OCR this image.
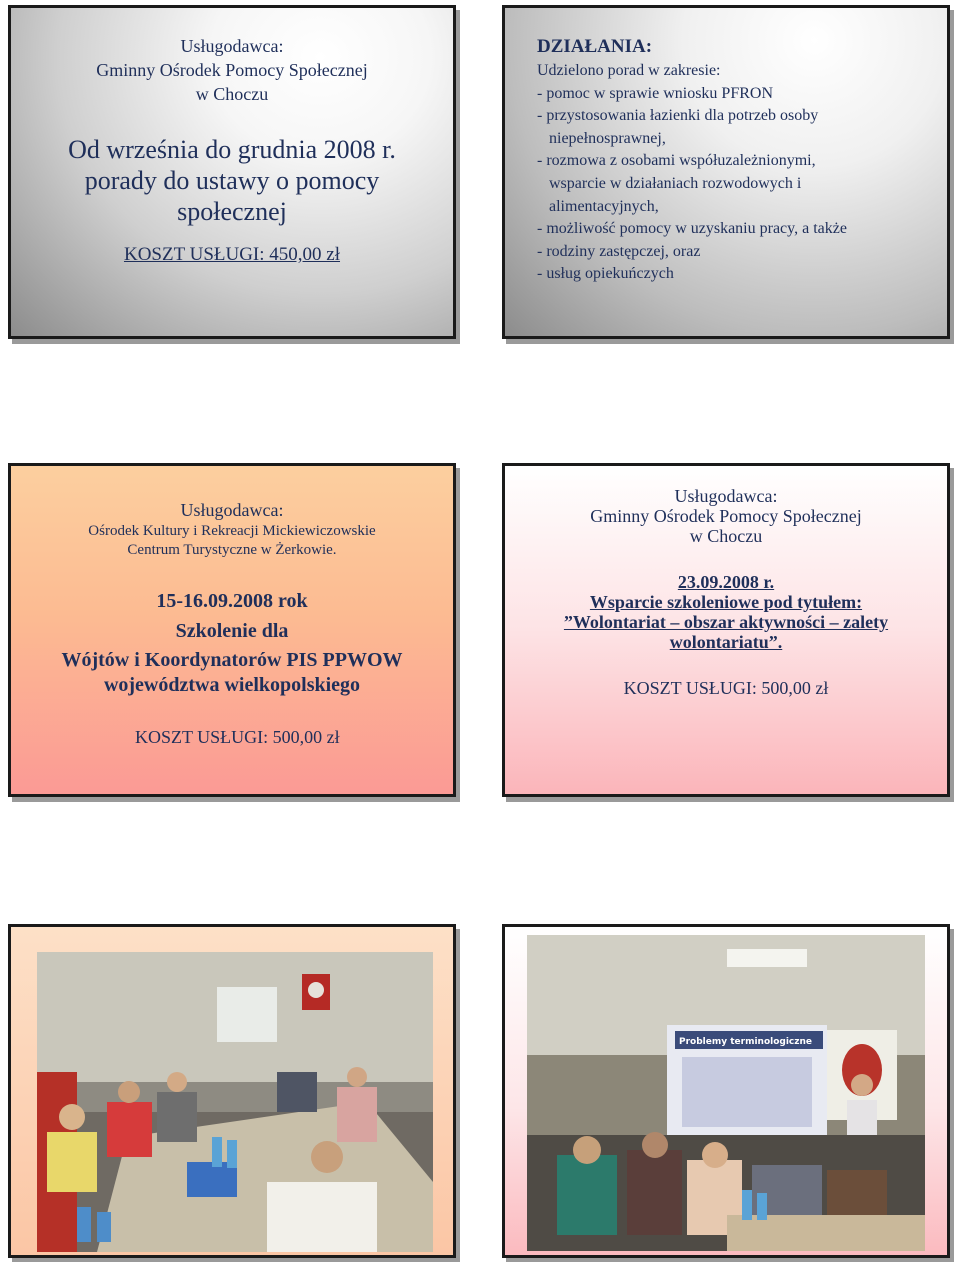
Usługodawca:
Gminny Ośrodek Pomocy Społecznej
w Choczu
Od września do grudnia 2008 r.
porady do ustawy o pomocy
społecznej
KOSZT USŁUGI: 450,00 zł
DZIAŁANIA:
Udzielono porad w zakresie:
- pomoc w sprawie wniosku PFRON
- przystosowania łazienki dla potrzeb osoby
niepełnosprawnej,
- rozmowa z osobami współuzależnionymi,
wsparcie w działaniach rozwodowych i
alimentacyjnych,
- możliwość pomocy w uzyskaniu pracy, a także
- rodziny zastępczej, oraz
- usług opiekuńczych
Usługodawca:
Ośrodek Kultury i Rekreacji Mickiewiczowskie
Centrum Turystyczne w Żerkowie.
15-16.09.2008 rok
Szkolenie dla
Wójtów i Koordynatorów PIS PPWOW
województwa wielkopolskiego
KOSZT USŁUGI: 500,00 zł
Usługodawca:
Gminny Ośrodek Pomocy Społecznej
w Choczu
23.09.2008 r.
Wsparcie szkoleniowe pod tytułem:
”Wolontariat – obszar aktywności – zalety
wolontariatu”.
KOSZT USŁUGI: 500,00 zł
Problemy terminologiczne
